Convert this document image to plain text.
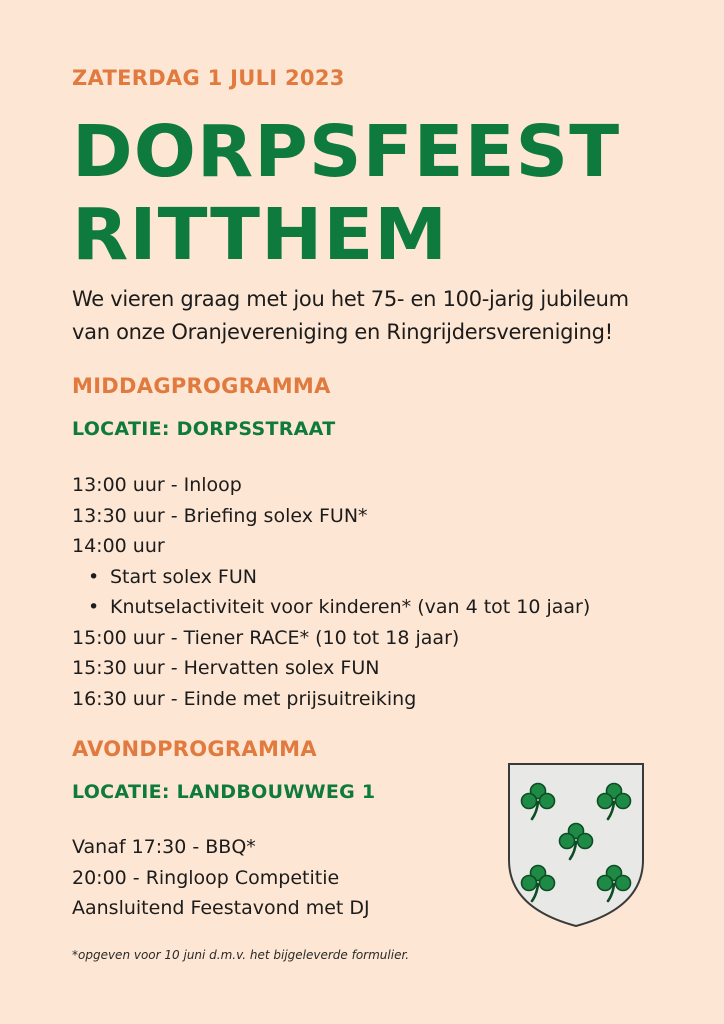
ZATERDAG 1 JULI 2023
DORPSFEEST
RITTHEM
We vieren graag met jou het 75- en 100-jarig jubileum
van onze Oranjevereniging en Ringrijdersvereniging!
MIDDAGPROGRAMMA
LOCATIE: DORPSSTRAAT
13:00 uur - Inloop
13:30 uur - Briefing solex FUN*
14:00 uur
• Start solex FUN
• Knutselactiviteit voor kinderen* (van 4 tot 10 jaar)
15:00 uur - Tiener RACE* (10 tot 18 jaar)
15:30 uur - Hervatten solex FUN
16:30 uur - Einde met prijsuitreiking
AVONDPROGRAMMA
LOCATIE: LANDBOUWWEG 1
Vanaf 17:30 - BBQ*
20:00 - Ringloop Competitie
Aansluitend Feestavond met DJ
*opgeven voor 10 juni d.m.v. het bijgeleverde formulier.
